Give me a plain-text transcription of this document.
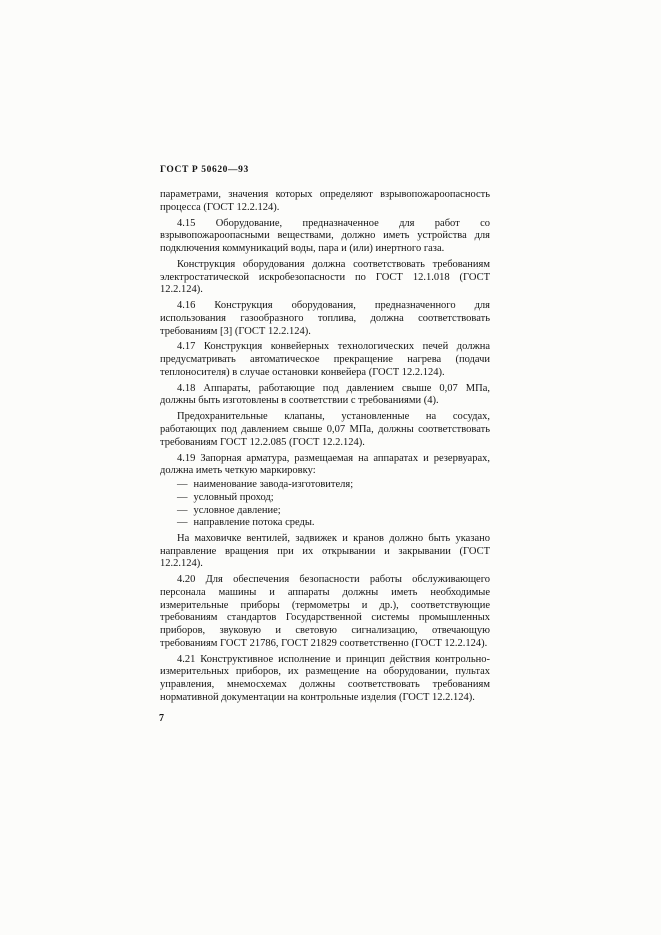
ГОСТ Р 50620—93

параметрами, значения которых определяют взрывопожароопасность процесса (ГОСТ 12.2.124).

4.15 Оборудование, предназначенное для работ со взрывопожароопасными веществами, должно иметь устройства для подключения коммуникаций воды, пара и (или) инертного газа.

Конструкция оборудования должна соответствовать требованиям электростатической искробезопасности по ГОСТ 12.1.018 (ГОСТ 12.2.124).

4.16 Конструкция оборудования, предназначенного для использования газообразного топлива, должна соответствовать требованиям [3] (ГОСТ 12.2.124).

4.17 Конструкция конвейерных технологических печей должна предусматривать автоматическое прекращение нагрева (подачи теплоносителя) в случае остановки конвейера (ГОСТ 12.2.124).

4.18 Аппараты, работающие под давлением свыше 0,07 МПа, должны быть изготовлены в соответствии с требованиями (4).

Предохранительные клапаны, установленные на сосудах, работающих под давлением свыше 0,07 МПа, должны соответствовать требованиям ГОСТ 12.2.085 (ГОСТ 12.2.124).

4.19 Запорная арматура, размещаемая на аппаратах и резервуарах, должна иметь четкую маркировку:

— наименование завода-изготовителя;
— условный проход;
— условное давление;
— направление потока среды.

На маховичке вентилей, задвижек и кранов должно быть указано направление вращения при их открывании и закрывании (ГОСТ 12.2.124).

4.20 Для обеспечения безопасности работы обслуживающего персонала машины и аппараты должны иметь необходимые измерительные приборы (термометры и др.), соответствующие требованиям стандартов Государственной системы промышленных приборов, звуковую и световую сигнализацию, отвечающую требованиям ГОСТ 21786, ГОСТ 21829 соответственно (ГОСТ 12.2.124).

4.21 Конструктивное исполнение и принцип действия контрольно-измерительных приборов, их размещение на оборудовании, пультах управления, мнемосхемах должны соответствовать требованиям нормативной документации на контрольные изделия (ГОСТ 12.2.124).

7
